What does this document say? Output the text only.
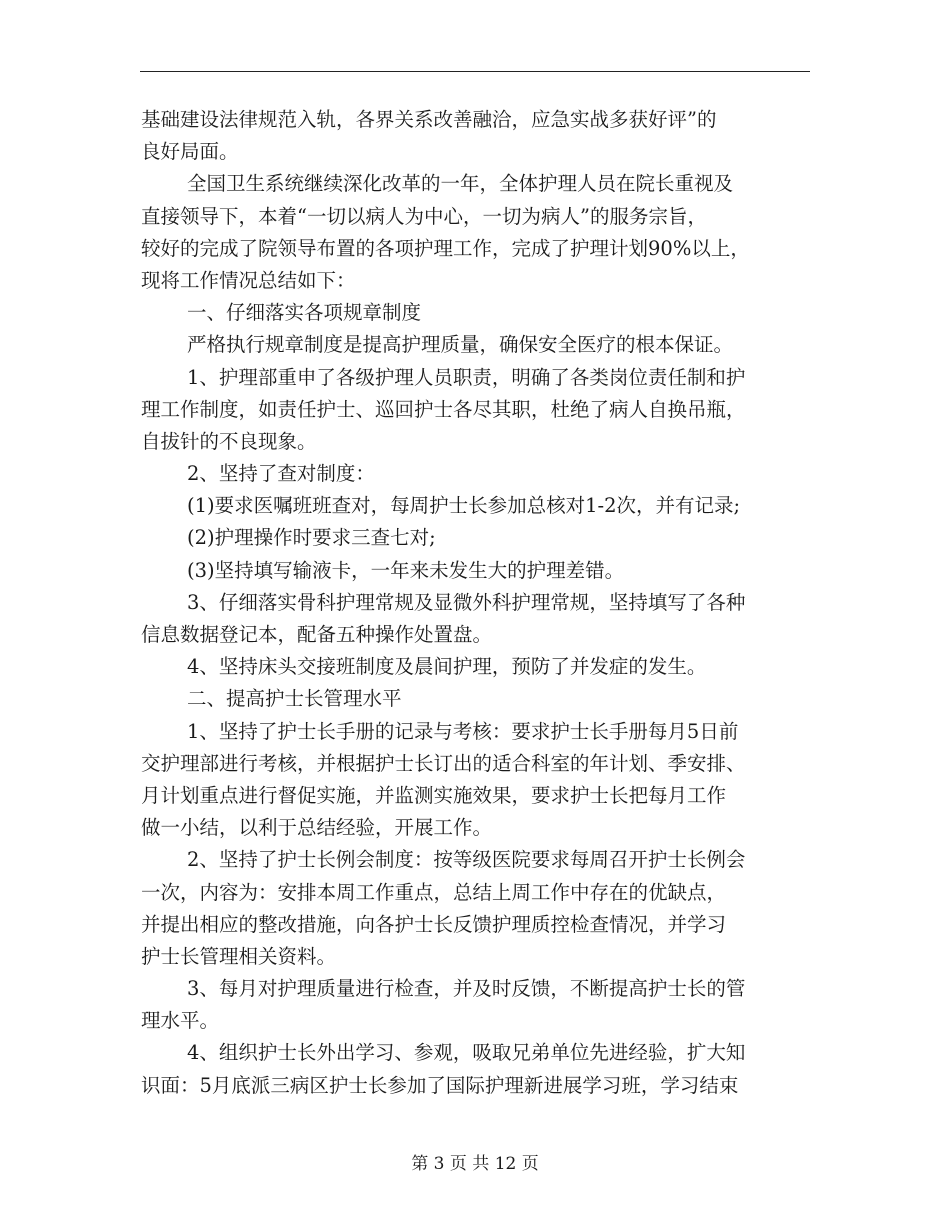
基础建设法律规范入轨，各界关系改善融洽，应急实战多获好评”的
良好局面。
全国卫生系统继续深化改革的一年，全体护理人员在院长重视及
直接领导下，本着“一切以病人为中心，一切为病人”的服务宗旨，
较好的完成了院领导布置的各项护理工作，完成了护理计划90%以上，
现将工作情况总结如下：
一、仔细落实各项规章制度
严格执行规章制度是提高护理质量，确保安全医疗的根本保证。
1、护理部重申了各级护理人员职责，明确了各类岗位责任制和护
理工作制度，如责任护士、巡回护士各尽其职，杜绝了病人自换吊瓶，
自拔针的不良现象。
2、坚持了查对制度：
(1)要求医嘱班班查对，每周护士长参加总核对1-2次，并有记录;
(2)护理操作时要求三查七对;
(3)坚持填写输液卡，一年来未发生大的护理差错。
3、仔细落实骨科护理常规及显微外科护理常规，坚持填写了各种
信息数据登记本，配备五种操作处置盘。
4、坚持床头交接班制度及晨间护理，预防了并发症的发生。
二、提高护士长管理水平
1、坚持了护士长手册的记录与考核：要求护士长手册每月5日前
交护理部进行考核，并根据护士长订出的适合科室的年计划、季安排、
月计划重点进行督促实施，并监测实施效果，要求护士长把每月工作
做一小结，以利于总结经验，开展工作。
2、坚持了护士长例会制度：按等级医院要求每周召开护士长例会
一次，内容为：安排本周工作重点，总结上周工作中存在的优缺点，
并提出相应的整改措施，向各护士长反馈护理质控检查情况，并学习
护士长管理相关资料。
3、每月对护理质量进行检查，并及时反馈，不断提高护士长的管
理水平。
4、组织护士长外出学习、参观，吸取兄弟单位先进经验，扩大知
识面：5月底派三病区护士长参加了国际护理新进展学习班，学习结束
第 3 页 共 12 页
